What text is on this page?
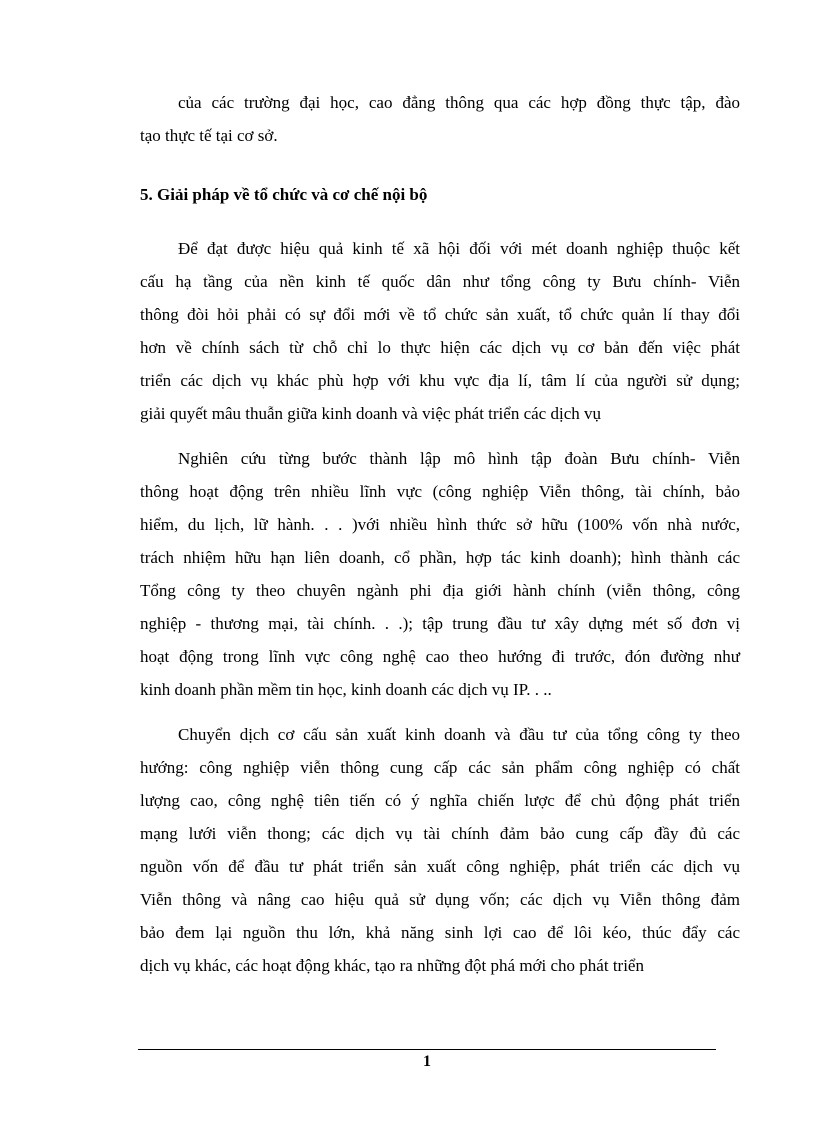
của các trường đại học, cao đẳng thông qua các hợp đồng thực tập, đào
tạo thực tế tại cơ sở.
5. Giải pháp về tổ chức và cơ chế nội bộ
Để đạt được hiệu quả kinh tế xã hội đối với mét doanh nghiệp thuộc kết
cấu hạ tầng của nền kinh tế quốc dân như tổng công ty Bưu chính- Viễn
thông đòi hỏi phải có sự đổi mới về tổ chức sản xuất, tổ chức quản lí thay đổi
hơn về chính sách từ chỗ chỉ lo thực hiện các dịch vụ cơ bản đến việc phát
triển các dịch vụ khác phù hợp với khu vực địa lí, tâm lí của người sử dụng;
giải quyết mâu thuẫn giữa kinh doanh và việc phát triển các dịch vụ
Nghiên cứu từng bước thành lập mô hình tập đoàn Bưu chính- Viễn
thông hoạt động trên nhiều lĩnh vực (công nghiệp Viễn thông, tài chính, bảo
hiểm, du lịch, lữ hành. . . )với nhiều hình thức sở hữu (100% vốn nhà nước,
trách nhiệm hữu hạn liên doanh, cổ phần, hợp tác kinh doanh); hình thành các
Tổng công ty theo chuyên ngành phi địa giới hành chính (viễn thông, công
nghiệp - thương mại, tài chính. . .); tập trung đầu tư xây dựng mét số đơn vị
hoạt động trong lĩnh vực công nghệ cao theo hướng đi trước, đón đường như
kinh doanh phần mềm tin học, kinh doanh các dịch vụ IP. . ..
Chuyển dịch cơ cấu sản xuất kinh doanh và đầu tư của tổng công ty theo
hướng: công nghiệp viễn thông cung cấp các sản phẩm công nghiệp có chất
lượng cao, công nghệ tiên tiến có ý nghĩa chiến lược để chủ động phát triển
mạng lưới viễn thong; các dịch vụ tài chính đảm bảo cung cấp đầy đủ các
nguồn vốn để đầu tư phát triển sản xuất công nghiệp, phát triển các dịch vụ
Viễn thông và nâng cao hiệu quả sử dụng vốn; các dịch vụ Viễn thông đảm
bảo đem lại nguồn thu lớn, khả năng sinh lợi cao để lôi kéo, thúc đẩy các
dịch vụ khác, các hoạt động khác, tạo ra những đột phá mới cho phát triển
1
